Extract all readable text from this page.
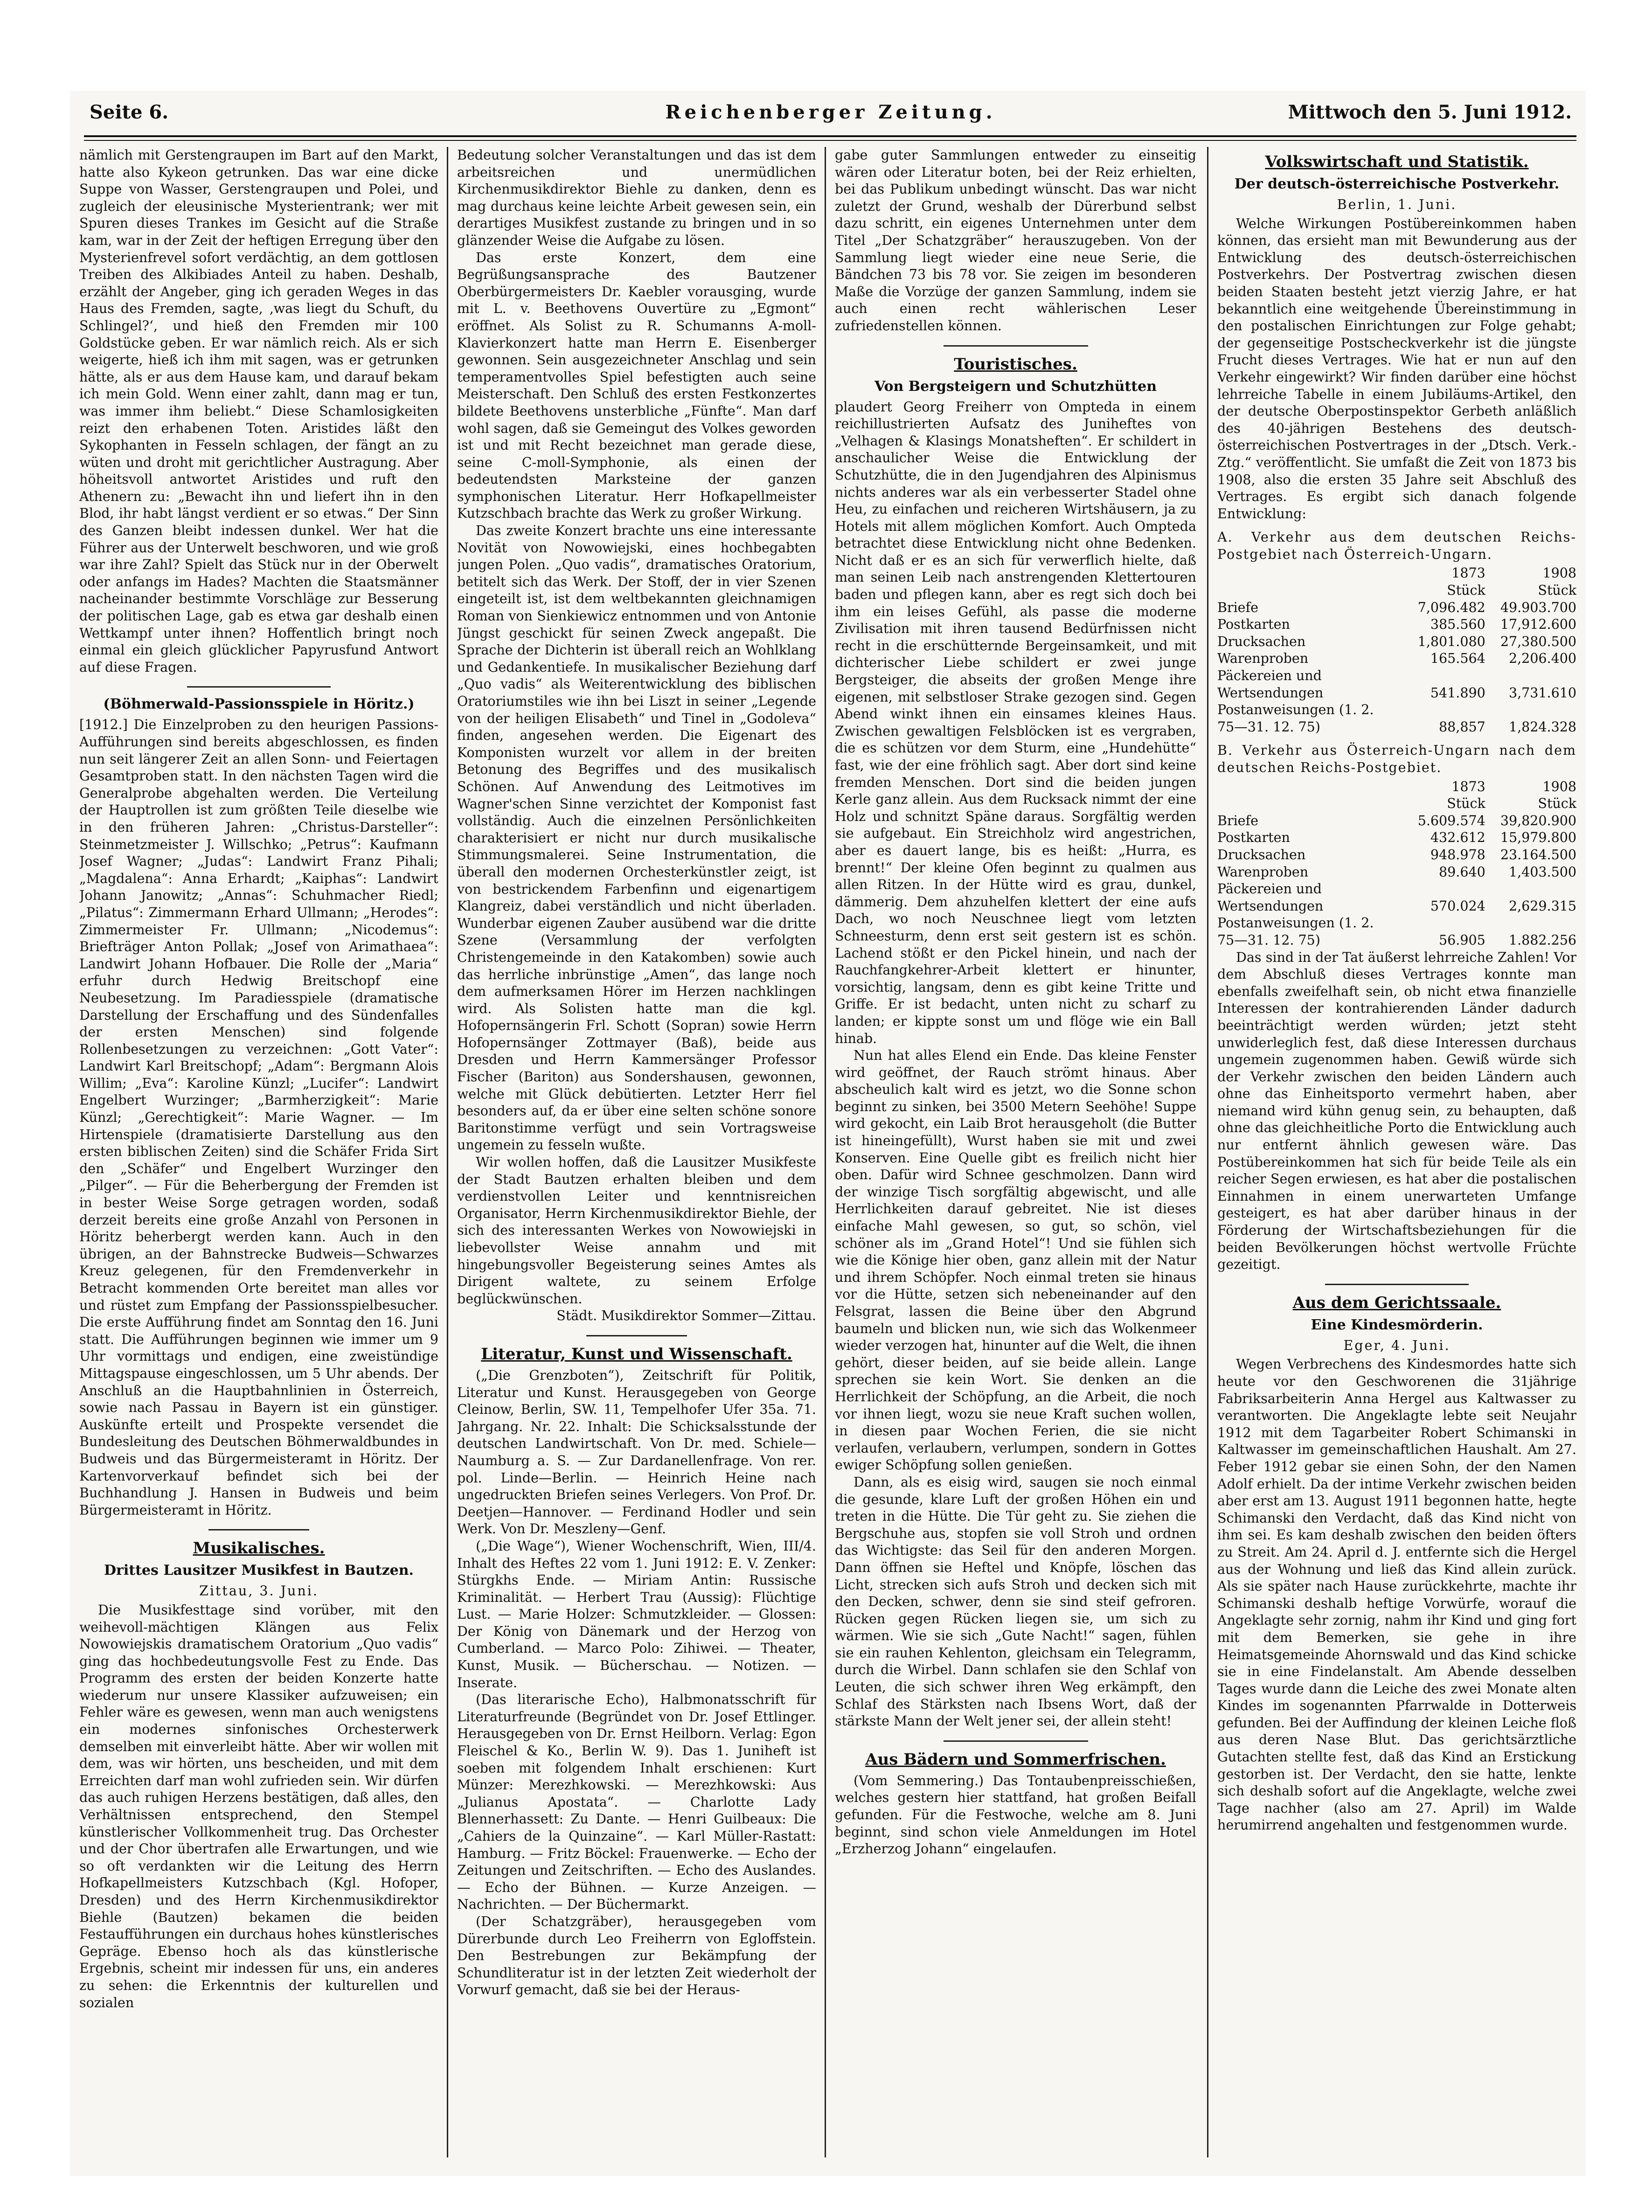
Seite 6.	Reichenberger Zeitung.	Mittwoch den 5. Juni 1912.

nämlich mit Gerstengraupen im Bart auf den Markt, hatte also Kykeon getrunken. Das war eine dicke Suppe von Wasser, Gerstengraupen und Polei, und zugleich der eleusinische Mysterientrank; wer mit Spuren dieses Trankes im Gesicht auf die Straße kam, war in der Zeit der heftigen Erregung über den Mysterienfrevel sofort verdächtig, an dem gottlosen Treiben des Alkibiades Anteil zu haben. Deshalb, erzählt der Angeber, ging ich geraden Weges in das Haus des Fremden, sagte, ‚was liegt du Schuft, du Schlingel?‘, und hieß den Fremden mir 100 Goldstücke geben. Er war nämlich reich. Als er sich weigerte, hieß ich ihm mit sagen, was er getrunken hätte, als er aus dem Hause kam, und darauf bekam ich mein Gold. Wenn einer zahlt, dann mag er tun, was immer ihm beliebt.“ Diese Schamlosigkeiten reizt den erhabenen Toten. Aristides läßt den Sykophanten in Fesseln schlagen, der fängt an zu wüten und droht mit gerichtlicher Austragung. Aber höheitsvoll antwortet Aristides und ruft den Athenern zu: „Bewacht ihn und liefert ihn in den Blod, ihr habt längst verdient er so etwas.“ Der Sinn des Ganzen bleibt indessen dunkel. Wer hat die Führer aus der Unterwelt beschworen, und wie groß war ihre Zahl? Spielt das Stück nur in der Oberwelt oder anfangs im Hades? Machten die Staatsmänner nacheinander bestimmte Vorschläge zur Besserung der politischen Lage, gab es etwa gar deshalb einen Wettkampf unter ihnen? Hoffentlich bringt noch einmal ein gleich glücklicher Papyrusfund Antwort auf diese Fragen.

(Böhmerwald-Passionsspiele in Höritz.)

[1912.] Die Einzelproben zu den heurigen Passions-Aufführungen sind bereits abgeschlossen, es finden nun seit längerer Zeit an allen Sonn- und Feiertagen Gesamtproben statt. In den nächsten Tagen wird die Generalprobe abgehalten werden. Die Verteilung der Hauptrollen ist zum größten Teile dieselbe wie in den früheren Jahren: „Christus-Darsteller“: Steinmetzmeister J. Willschko; „Petrus“: Kaufmann Josef Wagner; „Judas“: Landwirt Franz Pihali; „Magdalena“: Anna Erhardt; „Kaiphas“: Landwirt Johann Janowitz; „Annas“: Schuhmacher Riedl; „Pilatus“: Zimmermann Erhard Ullmann; „Herodes“: Zimmermeister Fr. Ullmann; „Nicodemus“: Briefträger Anton Pollak; „Josef von Arimathaea“: Landwirt Johann Hofbauer. Die Rolle der „Maria“ erfuhr durch Hedwig Breitschopf eine Neubesetzung. Im Paradiesspiele (dramatische Darstellung der Erschaffung und des Sündenfalles der ersten Menschen) sind folgende Rollenbesetzungen zu verzeichnen: „Gott Vater“: Landwirt Karl Breitschopf; „Adam“: Bergmann Alois Willim; „Eva“: Karoline Künzl; „Lucifer“: Landwirt Engelbert Wurzinger; „Barmherzigkeit“: Marie Künzl; „Gerechtigkeit“: Marie Wagner. — Im Hirtenspiele (dramatisierte Darstellung aus den ersten biblischen Zeiten) sind die Schäfer Frida Sirt den „Schäfer“ und Engelbert Wurzinger den „Pilger“. — Für die Beherbergung der Fremden ist in bester Weise Sorge getragen worden, sodaß derzeit bereits eine große Anzahl von Personen in Höritz beherbergt werden kann. Auch in den übrigen, an der Bahnstrecke Budweis—Schwarzes Kreuz gelegenen, für den Fremdenverkehr in Betracht kommenden Orte bereitet man alles vor und rüstet zum Empfang der Passionsspielbesucher. Die erste Aufführung findet am Sonntag den 16. Juni statt. Die Aufführungen beginnen wie immer um 9 Uhr vormittags und endigen, eine zweistündige Mittagspause eingeschlossen, um 5 Uhr abends. Der Anschluß an die Hauptbahnlinien in Österreich, sowie nach Passau in Bayern ist ein günstiger. Auskünfte erteilt und Prospekte versendet die Bundesleitung des Deutschen Böhmerwaldbundes in Budweis und das Bürgermeisteramt in Höritz. Der Kartenvorverkauf befindet sich bei der Buchhandlung J. Hansen in Budweis und beim Bürgermeisteramt in Höritz.

Musikalisches.
Drittes Lausitzer Musikfest in Bautzen.
Zittau, 3. Juni.

Die Musikfesttage sind vorüber, mit den weihevoll-mächtigen Klängen aus Felix Nowowiejskis dramatischem Oratorium „Quo vadis“ ging das hochbedeutungsvolle Fest zu Ende. Das Programm des ersten der beiden Konzerte hatte wiederum nur unsere Klassiker aufzuweisen; ein Fehler wäre es gewesen, wenn man auch wenigstens ein modernes sinfonisches Orchesterwerk demselben mit einverleibt hätte. Aber wir wollen mit dem, was wir hörten, uns bescheiden, und mit dem Erreichten darf man wohl zufrieden sein. Wir dürfen das auch ruhigen Herzens bestätigen, daß alles, den Verhältnissen entsprechend, den Stempel künstlerischer Vollkommenheit trug. Das Orchester und der Chor übertrafen alle Erwartungen, und wie so oft verdankten wir die Leitung des Herrn Hofkapellmeisters Kutzschbach (Kgl. Hofoper, Dresden) und des Herrn Kirchenmusikdirektor Biehle (Bautzen) bekamen die beiden Festaufführungen ein durchaus hohes künstlerisches Gepräge. Ebenso hoch als das künstlerische Ergebnis, scheint mir indessen für uns, ein anderes zu sehen: die Erkenntnis der kulturellen und sozialen

Bedeutung solcher Veranstaltungen und das ist dem arbeitsreichen und unermüdlichen Kirchenmusikdirektor Biehle zu danken, denn es mag durchaus keine leichte Arbeit gewesen sein, ein derartiges Musikfest zustande zu bringen und in so glänzender Weise die Aufgabe zu lösen.

Das erste Konzert, dem eine Begrüßungsansprache des Bautzener Oberbürgermeisters Dr. Kaebler vorausging, wurde mit L. v. Beethovens Ouvertüre zu „Egmont“ eröffnet. Als Solist zu R. Schumanns A-moll-Klavierkonzert hatte man Herrn E. Eisenberger gewonnen. Sein ausgezeichneter Anschlag und sein temperamentvolles Spiel befestigten auch seine Meisterschaft. Den Schluß des ersten Festkonzertes bildete Beethovens unsterbliche „Fünfte“. Man darf wohl sagen, daß sie Gemeingut des Volkes geworden ist und mit Recht bezeichnet man gerade diese, seine C-moll-Symphonie, als einen der bedeutendsten Marksteine der ganzen symphonischen Literatur. Herr Hofkapellmeister Kutzschbach brachte das Werk zu großer Wirkung.

Das zweite Konzert brachte uns eine interessante Novität von Nowowiejski, eines hochbegabten jungen Polen. „Quo vadis“, dramatisches Oratorium, betitelt sich das Werk. Der Stoff, der in vier Szenen eingeteilt ist, ist dem weltbekannten gleichnamigen Roman von Sienkiewicz entnommen und von Antonie Jüngst geschickt für seinen Zweck angepaßt. Die Sprache der Dichterin ist überall reich an Wohlklang und Gedankentiefe. In musikalischer Beziehung darf „Quo vadis“ als Weiterentwicklung des biblischen Oratoriumstiles wie ihn bei Liszt in seiner „Legende von der heiligen Elisabeth“ und Tinel in „Godoleva“ finden, angesehen werden. Die Eigenart des Komponisten wurzelt vor allem in der breiten Betonung des Begriffes und des musikalisch Schönen. Auf Anwendung des Leitmotives im Wagner'schen Sinne verzichtet der Komponist fast vollständig. Auch die einzelnen Persönlichkeiten charakterisiert er nicht nur durch musikalische Stimmungsmalerei. Seine Instrumentation, die überall den modernen Orchesterkünstler zeigt, ist von bestrickendem Farbenfinn und eigenartigem Klangreiz, dabei verständlich und nicht überladen. Wunderbar eigenen Zauber ausübend war die dritte Szene (Versammlung der verfolgten Christengemeinde in den Katakomben) sowie auch das herrliche inbrünstige „Amen“, das lange noch dem aufmerksamen Hörer im Herzen nachklingen wird. Als Solisten hatte man die kgl. Hofopernsängerin Frl. Schott (Sopran) sowie Herrn Hofopernsänger Zottmayer (Baß), beide aus Dresden und Herrn Kammersänger Professor Fischer (Bariton) aus Sondershausen, gewonnen, welche mit Glück debütierten. Letzter Herr fiel besonders auf, da er über eine selten schöne sonore Baritonstimme verfügt und sein Vortragsweise ungemein zu fesseln wußte.

Wir wollen hoffen, daß die Lausitzer Musikfeste der Stadt Bautzen erhalten bleiben und dem verdienstvollen Leiter und kenntnisreichen Organisator, Herrn Kirchenmusikdirektor Biehle, der sich des interessanten Werkes von Nowowiejski in liebevollster Weise annahm und mit hingebungsvoller Begeisterung seines Amtes als Dirigent waltete, zu seinem Erfolge beglückwünschen.

Städt. Musikdirektor Sommer—Zittau.

Literatur, Kunst und Wissenschaft.

(„Die Grenzboten“), Zeitschrift für Politik, Literatur und Kunst. Herausgegeben von George Cleinow, Berlin, SW. 11, Tempelhofer Ufer 35a. 71. Jahrgang. Nr. 22. Inhalt: Die Schicksalsstunde der deutschen Landwirtschaft. Von Dr. med. Schiele—Naumburg a. S. — Zur Dardanellenfrage. Von rer. pol. Linde—Berlin. — Heinrich Heine nach ungedruckten Briefen seines Verlegers. Von Prof. Dr. Deetjen—Hannover. — Ferdinand Hodler und sein Werk. Von Dr. Meszleny—Genf.

(„Die Wage“), Wiener Wochenschrift, Wien, III/4. Inhalt des Heftes 22 vom 1. Juni 1912: E. V. Zenker: Stürgkhs Ende. — Miriam Antin: Russische Kriminalität. — Herbert Trau (Aussig): Flüchtige Lust. — Marie Holzer: Schmutzkleider. — Glossen: Der König von Dänemark und der Herzog von Cumberland. — Marco Polo: Zihiwei. — Theater, Kunst, Musik. — Bücherschau. — Notizen. — Inserate.

(Das literarische Echo), Halbmonatsschrift für Literaturfreunde (Begründet von Dr. Josef Ettlinger. Herausgegeben von Dr. Ernst Heilborn. Verlag: Egon Fleischel & Ko., Berlin W. 9). Das 1. Juniheft ist soeben mit folgendem Inhalt erschienen: Kurt Münzer: Merezhkowski. — Merezhkowski: Aus „Julianus Apostata“. — Charlotte Lady Blennerhassett: Zu Dante. — Henri Guilbeaux: Die „Cahiers de la Quinzaine“. — Karl Müller-Rastatt: Hamburg. — Fritz Böckel: Frauenwerke. — Echo der Zeitungen und Zeitschriften. — Echo des Auslandes. — Echo der Bühnen. — Kurze Anzeigen. — Nachrichten. — Der Büchermarkt.

(Der Schatzgräber), herausgegeben vom Dürerbunde durch Leo Freiherrn von Egloffstein. Den Bestrebungen zur Bekämpfung der Schundliteratur ist in der letzten Zeit wiederholt der Vorwurf gemacht, daß sie bei der Heraus-

gabe guter Sammlungen entweder zu einseitig wären oder Literatur boten, bei der Reiz erhielten, bei das Publikum unbedingt wünscht. Das war nicht zuletzt der Grund, weshalb der Dürerbund selbst dazu schritt, ein eigenes Unternehmen unter dem Titel „Der Schatzgräber“ herauszugeben. Von der Sammlung liegt wieder eine neue Serie, die Bändchen 73 bis 78 vor. Sie zeigen im besonderen Maße die Vorzüge der ganzen Sammlung, indem sie auch einen recht wählerischen Leser zufriedenstellen können.

Touristisches.
Von Bergsteigern und Schutzhütten

plaudert Georg Freiherr von Ompteda in einem reichillustrierten Aufsatz des Juniheftes von „Velhagen & Klasings Monatsheften“. Er schildert in anschaulicher Weise die Entwicklung der Schutzhütte, die in den Jugendjahren des Alpinismus nichts anderes war als ein verbesserter Stadel ohne Heu, zu einfachen und reicheren Wirtshäusern, ja zu Hotels mit allem möglichen Komfort. Auch Ompteda betrachtet diese Entwicklung nicht ohne Bedenken. Nicht daß er es an sich für verwerflich hielte, daß man seinen Leib nach anstrengenden Klettertouren baden und pflegen kann, aber es regt sich doch bei ihm ein leises Gefühl, als passe die moderne Zivilisation mit ihren tausend Bedürfnissen nicht recht in die erschütternde Bergeinsamkeit, und mit dichterischer Liebe schildert er zwei junge Bergsteiger, die abseits der großen Menge ihre eigenen, mit selbstloser Strake gezogen sind. Gegen Abend winkt ihnen ein einsames kleines Haus. Zwischen gewaltigen Felsblöcken ist es vergraben, die es schützen vor dem Sturm, eine „Hundehütte“ fast, wie der eine fröhlich sagt. Aber dort sind keine fremden Menschen. Dort sind die beiden jungen Kerle ganz allein. Aus dem Rucksack nimmt der eine Holz und schnitzt Späne daraus. Sorgfältig werden sie aufgebaut. Ein Streichholz wird angestrichen, aber es dauert lange, bis es heißt: „Hurra, es brennt!“ Der kleine Ofen beginnt zu qualmen aus allen Ritzen. In der Hütte wird es grau, dunkel, dämmerig. Dem ahzuhelfen klettert der eine aufs Dach, wo noch Neuschnee liegt vom letzten Schneesturm, denn erst seit gestern ist es schön. Lachend stößt er den Pickel hinein, und nach der Rauchfangkehrer-Arbeit klettert er hinunter, vorsichtig, langsam, denn es gibt keine Tritte und Griffe. Er ist bedacht, unten nicht zu scharf zu landen; er kippte sonst um und flöge wie ein Ball hinab.

Nun hat alles Elend ein Ende. Das kleine Fenster wird geöffnet, der Rauch strömt hinaus. Aber abscheulich kalt wird es jetzt, wo die Sonne schon beginnt zu sinken, bei 3500 Metern Seehöhe! Suppe wird gekocht, ein Laib Brot herausgeholt (die Butter ist hineingefüllt), Wurst haben sie mit und zwei Konserven. Eine Quelle gibt es freilich nicht hier oben. Dafür wird Schnee geschmolzen. Dann wird der winzige Tisch sorgfältig abgewischt, und alle Herrlichkeiten darauf gebreitet. Nie ist dieses einfache Mahl gewesen, so gut, so schön, viel schöner als im „Grand Hotel“! Und sie fühlen sich wie die Könige hier oben, ganz allein mit der Natur und ihrem Schöpfer. Noch einmal treten sie hinaus vor die Hütte, setzen sich nebeneinander auf den Felsgrat, lassen die Beine über den Abgrund baumeln und blicken nun, wie sich das Wolkenmeer wieder verzogen hat, hinunter auf die Welt, die ihnen gehört, dieser beiden, auf sie beide allein. Lange sprechen sie kein Wort. Sie denken an die Herrlichkeit der Schöpfung, an die Arbeit, die noch vor ihnen liegt, wozu sie neue Kraft suchen wollen, in diesen paar Wochen Ferien, die sie nicht verlaufen, verlaubern, verlumpen, sondern in Gottes ewiger Schöpfung sollen genießen.

Dann, als es eisig wird, saugen sie noch einmal die gesunde, klare Luft der großen Höhen ein und treten in die Hütte. Die Tür geht zu. Sie ziehen die Bergschuhe aus, stopfen sie voll Stroh und ordnen das Wichtigste: das Seil für den anderen Morgen. Dann öffnen sie Heftel und Knöpfe, löschen das Licht, strecken sich aufs Stroh und decken sich mit den Decken, schwer, denn sie sind steif gefroren. Rücken gegen Rücken liegen sie, um sich zu wärmen. Wie sie sich „Gute Nacht!“ sagen, fühlen sie ein rauhen Kehlenton, gleichsam ein Telegramm, durch die Wirbel. Dann schlafen sie den Schlaf von Leuten, die sich schwer ihren Weg erkämpft, den Schlaf des Stärksten nach Ibsens Wort, daß der stärkste Mann der Welt jener sei, der allein steht!

Aus Bädern und Sommerfrischen.

(Vom Semmering.) Das Tontaubenpreisschießen, welches gestern hier stattfand, hat großen Beifall gefunden. Für die Festwoche, welche am 8. Juni beginnt, sind schon viele Anmeldungen im Hotel „Erzherzog Johann“ eingelaufen.

Volkswirtschaft und Statistik.
Der deutsch-österreichische Postverkehr.
Berlin, 1. Juni.

Welche Wirkungen Postübereinkommen haben können, das ersieht man mit Bewunderung aus der Entwicklung des deutsch-österreichischen Postverkehrs. Der Postvertrag zwischen diesen beiden Staaten besteht jetzt vierzig Jahre, er hat bekanntlich eine weitgehende Übereinstimmung in den postalischen Einrichtungen zur Folge gehabt; der gegenseitige Postscheckverkehr ist die jüngste Frucht dieses Vertrages. Wie hat er nun auf den Verkehr eingewirkt? Wir finden darüber eine höchst lehrreiche Tabelle in einem Jubiläums-Artikel, den der deutsche Oberpostinspektor Gerbeth anläßlich des 40-jährigen Bestehens des deutsch-österreichischen Postvertrages in der „Dtsch. Verk.-Ztg.“ veröffentlicht. Sie umfaßt die Zeit von 1873 bis 1908, also die ersten 35 Jahre seit Abschluß des Vertrages. Es ergibt sich danach folgende Entwicklung:

A. Verkehr aus dem deutschen Reichs-Postgebiet nach Österreich-Ungarn.

	1873	1908
	Stück	Stück
Briefe	7,096.482	49.903.700
Postkarten	385.560	17,912.600
Drucksachen	1,801.080	27,380.500
Warenproben	165.564	2,206.400
Päckereien und		
Wertsendungen	541.890	3,731.610
Postanweisungen (1. 2.		
75—31. 12. 75)	88,857	1,824.328

B. Verkehr aus Österreich-Ungarn nach dem deutschen Reichs-Postgebiet.

	1873	1908
	Stück	Stück
Briefe	5.609.574	39,820.900
Postkarten	432.612	15,979.800
Drucksachen	948.978	23.164.500
Warenproben	89.640	1,403.500
Päckereien und		
Wertsendungen	570.024	2,629.315
Postanweisungen (1. 2.		
75—31. 12. 75)	56.905	1.882.256

Das sind in der Tat äußerst lehrreiche Zahlen! Vor dem Abschluß dieses Vertrages konnte man ebenfalls zweifelhaft sein, ob nicht etwa finanzielle Interessen der kontrahierenden Länder dadurch beeinträchtigt werden würden; jetzt steht unwiderleglich fest, daß diese Interessen durchaus ungemein zugenommen haben. Gewiß würde sich der Verkehr zwischen den beiden Ländern auch ohne das Einheitsporto vermehrt haben, aber niemand wird kühn genug sein, zu behaupten, daß ohne das gleichheitliche Porto die Entwicklung auch nur entfernt ähnlich gewesen wäre. Das Postübereinkommen hat sich für beide Teile als ein reicher Segen erwiesen, es hat aber die postalischen Einnahmen in einem unerwarteten Umfange gesteigert, es hat aber darüber hinaus in der Förderung der Wirtschaftsbeziehungen für die beiden Bevölkerungen höchst wertvolle Früchte gezeitigt.

Aus dem Gerichtssaale.
Eine Kindesmörderin.
Eger, 4. Juni.

Wegen Verbrechens des Kindesmordes hatte sich heute vor den Geschworenen die 31jährige Fabriksarbeiterin Anna Hergel aus Kaltwasser zu verantworten. Die Angeklagte lebte seit Neujahr 1912 mit dem Tagarbeiter Robert Schimanski in Kaltwasser im gemeinschaftlichen Haushalt. Am 27. Feber 1912 gebar sie einen Sohn, der den Namen Adolf erhielt. Da der intime Verkehr zwischen beiden aber erst am 13. August 1911 begonnen hatte, hegte Schimanski den Verdacht, daß das Kind nicht von ihm sei. Es kam deshalb zwischen den beiden öfters zu Streit. Am 24. April d. J. entfernte sich die Hergel aus der Wohnung und ließ das Kind allein zurück. Als sie später nach Hause zurückkehrte, machte ihr Schimanski deshalb heftige Vorwürfe, worauf die Angeklagte sehr zornig, nahm ihr Kind und ging fort mit dem Bemerken, sie gehe in ihre Heimatsgemeinde Ahornswald und das Kind schicke sie in eine Findelanstalt. Am Abende desselben Tages wurde dann die Leiche des zwei Monate alten Kindes im sogenannten Pfarrwalde in Dotterweis gefunden. Bei der Auffindung der kleinen Leiche floß aus deren Nase Blut. Das gerichtsärztliche Gutachten stellte fest, daß das Kind an Erstickung gestorben ist. Der Verdacht, den sie hatte, lenkte sich deshalb sofort auf die Angeklagte, welche zwei Tage nachher (also am 27. April) im Walde herumirrend angehalten und festgenommen wurde.
